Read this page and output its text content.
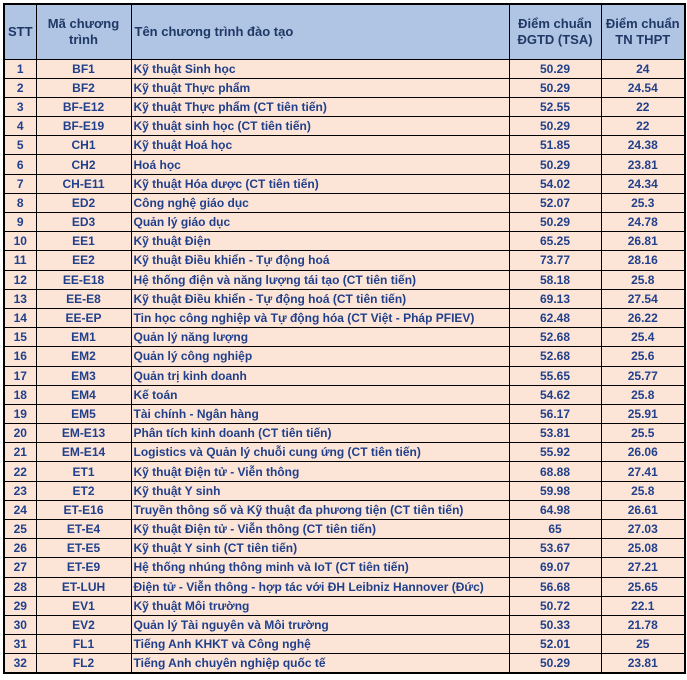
STT	Mã chương trình	Tên chương trình đào tạo	Điểm chuẩn ĐGTD (TSA)	Điểm chuẩn TN THPT
1	BF1	Kỹ thuật Sinh học	50.29	24
2	BF2	Kỹ thuật Thực phẩm	50.29	24.54
3	BF-E12	Kỹ thuật Thực phẩm (CT tiên tiến)	52.55	22
4	BF-E19	Kỹ thuật sinh học (CT tiên tiến)	50.29	22
5	CH1	Kỹ thuật Hoá học	51.85	24.38
6	CH2	Hoá học	50.29	23.81
7	CH-E11	Kỹ thuật Hóa dược (CT tiên tiến)	54.02	24.34
8	ED2	Công nghệ giáo dục	52.07	25.3
9	ED3	Quản lý giáo dục	50.29	24.78
10	EE1	Kỹ thuật Điện	65.25	26.81
11	EE2	Kỹ thuật Điều khiển - Tự động hoá	73.77	28.16
12	EE-E18	Hệ thống điện và năng lượng tái tạo (CT tiên tiến)	58.18	25.8
13	EE-E8	Kỹ thuật Điều khiển - Tự động hoá (CT tiên tiến)	69.13	27.54
14	EE-EP	Tin học công nghiệp và Tự động hóa (CT Việt - Pháp PFIEV)	62.48	26.22
15	EM1	Quản lý năng lượng	52.68	25.4
16	EM2	Quản lý công nghiệp	52.68	25.6
17	EM3	Quản trị kinh doanh	55.65	25.77
18	EM4	Kế toán	54.62	25.8
19	EM5	Tài chính - Ngân hàng	56.17	25.91
20	EM-E13	Phân tích kinh doanh (CT tiên tiến)	53.81	25.5
21	EM-E14	Logistics và Quản lý chuỗi cung ứng (CT tiên tiến)	55.92	26.06
22	ET1	Kỹ thuật Điện tử - Viễn thông	68.88	27.41
23	ET2	Kỹ thuật Y sinh	59.98	25.8
24	ET-E16	Truyền thông số và Kỹ thuật đa phương tiện (CT tiên tiến)	64.98	26.61
25	ET-E4	Kỹ thuật Điện tử - Viễn thông (CT tiên tiến)	65	27.03
26	ET-E5	Kỹ thuật Y sinh (CT tiên tiến)	53.67	25.08
27	ET-E9	Hệ thống nhúng thông minh và IoT (CT tiên tiến)	69.07	27.21
28	ET-LUH	Điện tử - Viễn thông - hợp tác với ĐH Leibniz Hannover (Đức)	56.68	25.65
29	EV1	Kỹ thuật Môi trường	50.72	22.1
30	EV2	Quản lý Tài nguyên và Môi trường	50.33	21.78
31	FL1	Tiếng Anh KHKT và Công nghệ	52.01	25
32	FL2	Tiếng Anh chuyên nghiệp quốc tế	50.29	23.81
